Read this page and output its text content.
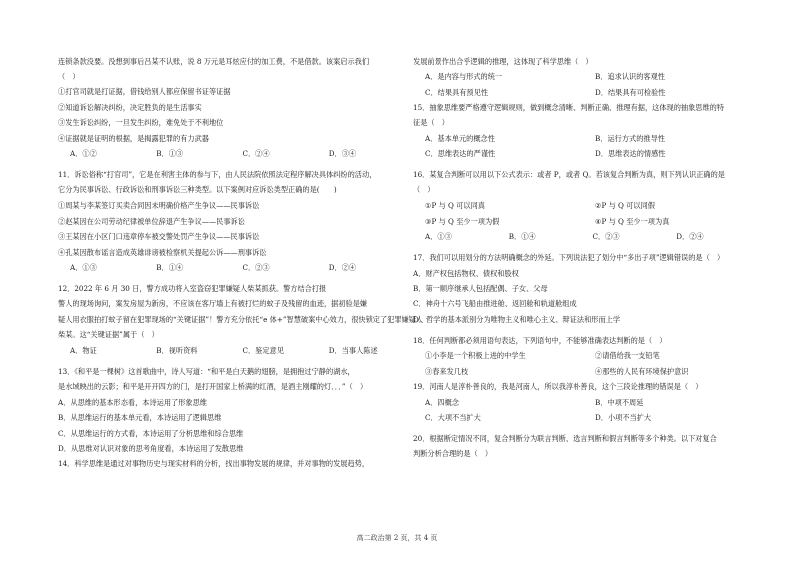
连锁条款没要。没想到事后吕某不认账，说 8 万元是耳炫应付的加工费，不是借款。该案启示我们
（　）
①打官司就是打证据，借钱给别人都应保留书证等证据
②知道诉讼解决纠纷，决定胜负的是生活事实
③发生诉讼纠纷，一旦发生纠纷，难免处于不利地位
④证据就是证明的根据，是揭露犯罪的有力武器
A．①②	B．①③	C．②④	D．③④
11．诉讼俗称“打官司”，它是在利害主体的参与下，由人民法院依照法定程序解决具体纠纷的活动，
它分为民事诉讼、行政诉讼和刑事诉讼三种类型。以下案例对应诉讼类型正确的是(　　)
①周某与李某签订买卖合同因未明确价格产生争议——民事诉讼
②赵某因在公司劳动纪律被单位辞退产生争议——民事诉讼
③王某因在小区门口违章停车被交警处罚产生争议——民事诉讼
④孔某因散布谣言造成英雄诽谤被检察机关提起公诉——刑事诉讼
A．①③	B．①④	C．②③	D．②④
12．2022 年 6 月 30 日，警方成功将入室盗窃犯罪嫌疑人柴某抓获。警方结合打报
警人的现场询问，案发房屋为新房，不应该在客厅墙上有被打烂的蚊子及残留的血迹，据初验是嫌
疑人用衣服拍打蚊子留在犯罪现场的“关键证据”！警方充分依托“e 体+”智慧破案中心效力，很快锁定了犯罪嫌疑人
柴某。这“关键证据”属于（　）
A．物证	B．视听资料	C．鉴定意见	D．当事人陈述
13．《和平是一棵树》这首歌曲中，诗人写道：“和平是白天鹅的翅膀，是拥抱过宁静的湖水，
是水域映出的云影；和平是开开四方的门，是打开国家上桥满的红酒，是酒主刚耀的灯．．．”（　）
A．从思维的基本形态看，本诗运用了形象思维
B．从思维运行的基本单元看，本诗运用了逻辑思维
C．从思维运行的方式看，本诗运用了分析思维和综合思维
D．从思维对认识对象的思考角度看，本诗运用了发散思维
14．科学思维是通过对事物历史与现实材料的分析，找出事物发展的规律，并对事物的发展趋势，
发展前景作出合乎逻辑的推理，这体现了科学思维（　）
A．是内容与形式的统一	B．追求认识的客观性
C．结果具有预见性	D．结果具有可检验性
15．抽象思维要严格遵守逻辑规则，做到概念清晰、判断正确、推理有据，这体现的抽象思维的特
征是（　）
A．基本单元的概念性	B．运行方式的推导性
C．思维表达的严谨性	D．思维表达的情感性
16．某复合判断可以用以下公式表示：或者 P，或者 Q。若该复合判断为真，则下列认识正确的是
（　）
①P 与 Q 可以同真	②P 与 Q 可以同假
③P 与 Q 至少一项为假	④P 与 Q 至少一项为真
A．①③	B．①④	C．②③	D．②④
17．我们可以用划分的方法明确概念的外延。下列说法犯了划分中“多出子项”逻辑错误的是（　）
A．财产权包括物权、债权和股权
B．第一顺序继承人包括配偶、子女、父母
C．神舟十六号飞船由推进舱、返回舱和轨道舱组成
D．哲学的基本派别分为唯物主义和唯心主义、辩证法和形而上学
18．任何判断都必须用语句表达，下列语句中，不能够准确表达判断的是（　）
①小李是一个积极上进的中学生	②请借给我一支铅笔
③春来发几枝	④那些的人民有环境保护意识
19．河南人是淳朴善良的，我是河南人，所以我淳朴善良，这个三段论推理的错误是（　）
A．四概念	B．中项不周延
C．大项不当扩大	D．小项不当扩大
20．根据断定情况不同，复合判断分为联言判断、选言判断和假言判断等多个种类。以下对复合
判断分析合理的是（　）
高二政治第 2 页，共 4 页
